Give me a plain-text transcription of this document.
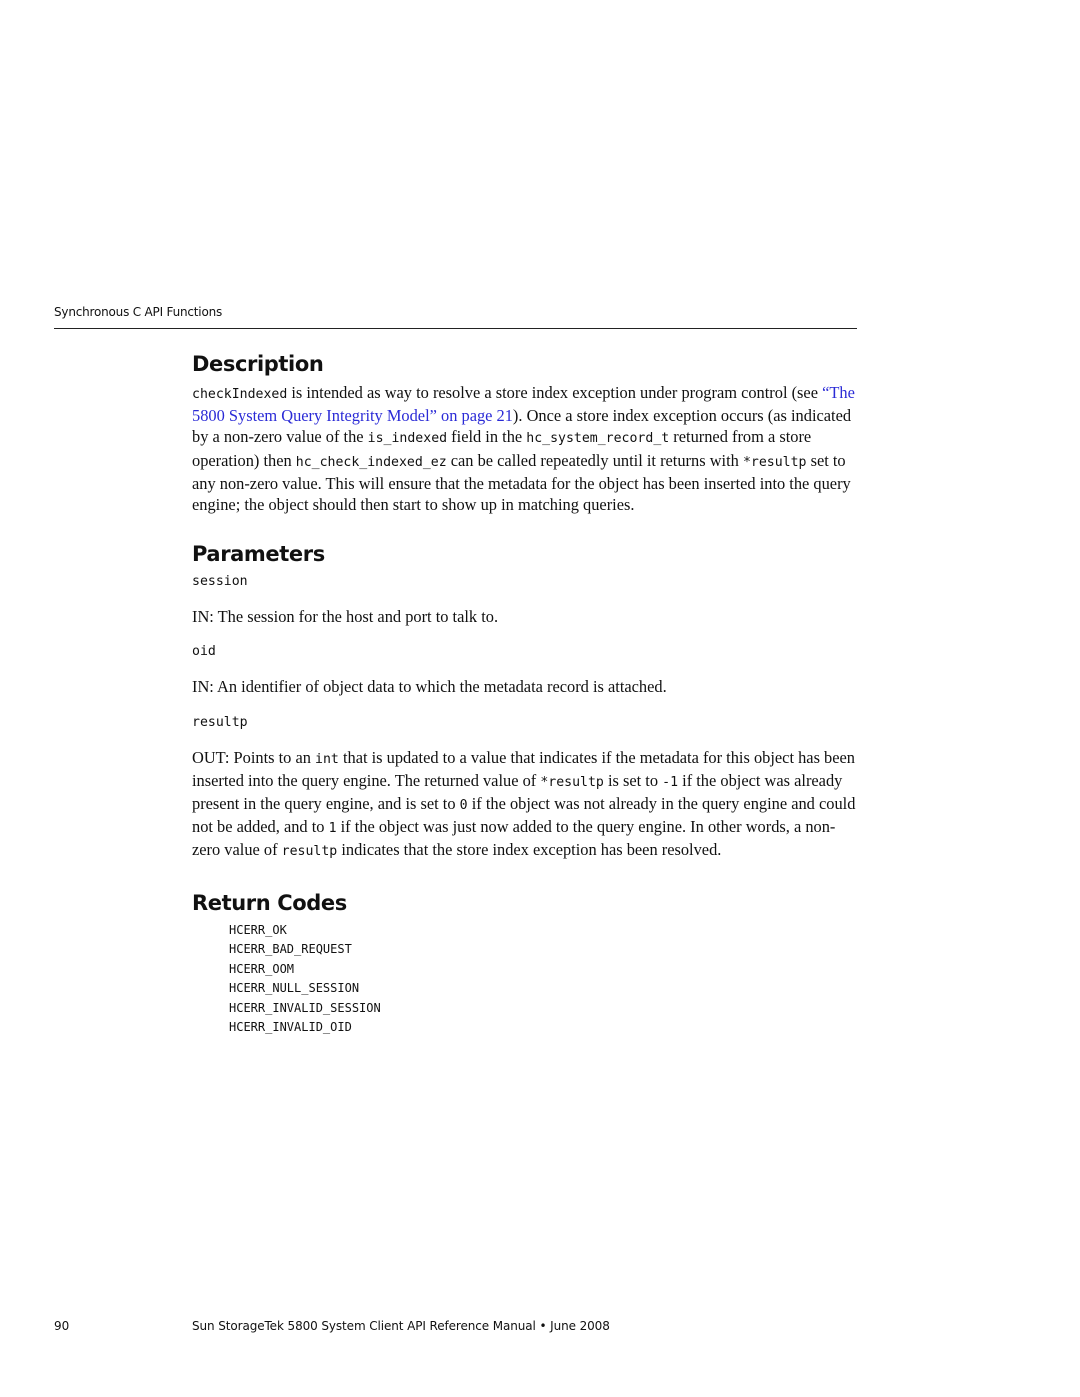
Synchronous C API Functions
Description

checkIndexed is intended as way to resolve a store index exception under program control (see “The 5800 System Query Integrity Model” on page 21). Once a store index exception occurs (as indicated by a non-zero value of the is_indexed field in the hc_system_record_t returned from a store operation) then hc_check_indexed_ez can be called repeatedly until it returns with *resultp set to any non-zero value. This will ensure that the metadata for the object has been inserted into the query engine; the object should then start to show up in matching queries.

Parameters

session

IN: The session for the host and port to talk to.

oid

IN: An identifier of object data to which the metadata record is attached.

resultp

OUT: Points to an int that is updated to a value that indicates if the metadata for this object has been inserted into the query engine. The returned value of *resultp is set to -1 if the object was already present in the query engine, and is set to 0 if the object was not already in the query engine and could not be added, and to 1 if the object was just now added to the query engine. In other words, a non-zero value of resultp indicates that the store index exception has been resolved.

Return Codes
HCERR_OK
HCERR_BAD_REQUEST
HCERR_OOM
HCERR_NULL_SESSION
HCERR_INVALID_SESSION
HCERR_INVALID_OID
90	Sun StorageTek 5800 System Client API Reference Manual • June 2008
